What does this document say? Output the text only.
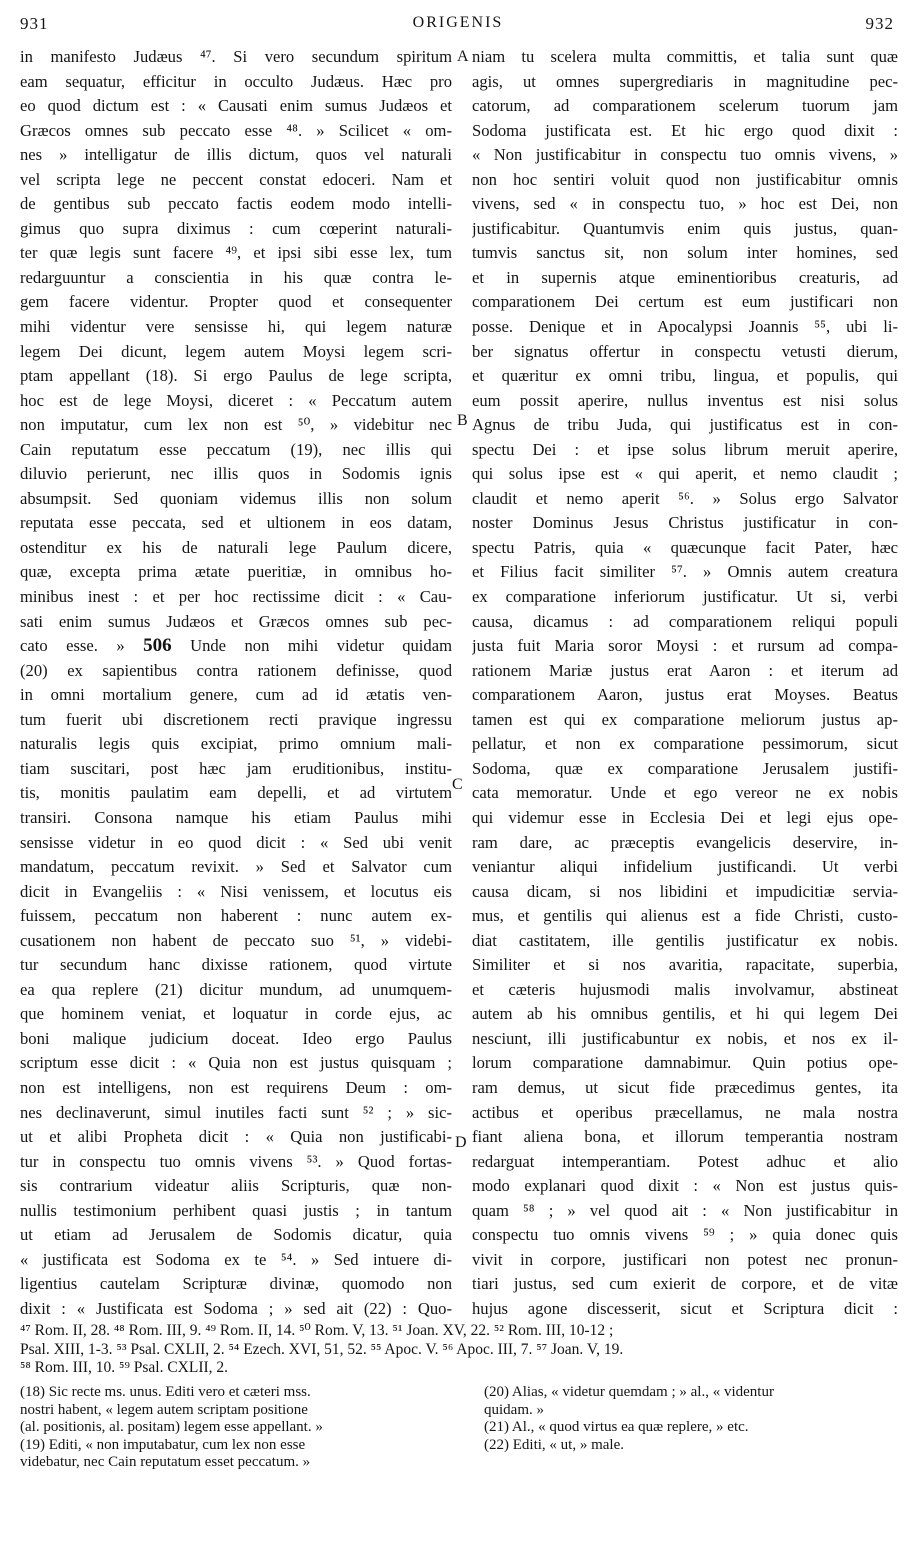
931	ORIGENIS	932
in manifesto Judæus ⁴⁷. Si vero secundum spiritum
eam sequatur, efficitur in occulto Judæus. Hæc pro
eo quod dictum est : « Causati enim sumus Judæos et
Græcos omnes sub peccato esse ⁴⁸. » Scilicet « om-
nes » intelligatur de illis dictum, quos vel naturali
vel scripta lege ne peccent constat edoceri. Nam et
de gentibus sub peccato factis eodem modo intelli-
gimus quo supra diximus : cum cœperint naturali-
ter quæ legis sunt facere ⁴⁹, et ipsi sibi esse lex, tum
redarguuntur a conscientia in his quæ contra le-
gem facere videntur. Propter quod et consequenter
mihi videntur vere sensisse hi, qui legem naturæ
legem Dei dicunt, legem autem Moysi legem scri-
ptam appellant (18). Si ergo Paulus de lege scripta,
hoc est de lege Moysi, diceret : « Peccatum autem
non imputatur, cum lex non est ⁵⁰, » videbitur nec
Cain reputatum esse peccatum (19), nec illis qui
diluvio perierunt, nec illis quos in Sodomis ignis
absumpsit. Sed quoniam videmus illis non solum
reputata esse peccata, sed et ultionem in eos datam,
ostenditur ex his de naturali lege Paulum dicere,
quæ, excepta prima ætate pueritiæ, in omnibus ho-
minibus inest : et per hoc rectissime dicit : « Cau-
sati enim sumus Judæos et Græcos omnes sub pec-
cato esse. » 506 Unde non mihi videtur quidam
(20) ex sapientibus contra rationem definisse, quod
in omni mortalium genere, cum ad id ætatis ven-
tum fuerit ubi discretionem recti pravique ingressu
naturalis legis quis excipiat, primo omnium mali-
tiam suscitari, post hæc jam eruditionibus, institu-
tis, monitis paulatim eam depelli, et ad virtutem
transiri. Consona namque his etiam Paulus mihi
sensisse videtur in eo quod dicit : « Sed ubi venit
mandatum, peccatum revixit. » Sed et Salvator cum
dicit in Evangeliis : « Nisi venissem, et locutus eis
fuissem, peccatum non haberent : nunc autem ex-
cusationem non habent de peccato suo ⁵¹, » videbi-
tur secundum hanc dixisse rationem, quod virtute
ea qua replere (21) dicitur mundum, ad unumquem-
que hominem veniat, et loquatur in corde ejus, ac
boni malique judicium doceat. Ideo ergo Paulus
scriptum esse dicit : « Quia non est justus quisquam ;
non est intelligens, non est requirens Deum : om-
nes declinaverunt, simul inutiles facti sunt ⁵² ; » sic-
ut et alibi Propheta dicit : « Quia non justificabi-
tur in conspectu tuo omnis vivens ⁵³. » Quod fortas-
sis contrarium videatur aliis Scripturis, quæ non-
nullis testimonium perhibent quasi justis ; in tantum
ut etiam ad Jerusalem de Sodomis dicatur, quia
« justificata est Sodoma ex te ⁵⁴. » Sed intuere di-
ligentius cautelam Scripturæ divinæ, quomodo non
dixit : « Justificata est Sodoma ; » sed ait (22) : Quo-
niam tu scelera multa committis, et talia sunt quæ
agis, ut omnes supergrediaris in magnitudine pec-
catorum, ad comparationem scelerum tuorum jam
Sodoma justificata est. Et hic ergo quod dixit :
« Non justificabitur in conspectu tuo omnis vivens, »
non hoc sentiri voluit quod non justificabitur omnis
vivens, sed « in conspectu tuo, » hoc est Dei, non
justificabitur. Quantumvis enim quis justus, quan-
tumvis sanctus sit, non solum inter homines, sed
et in supernis atque eminentioribus creaturis, ad
comparationem Dei certum est eum justificari non
posse. Denique et in Apocalypsi Joannis ⁵⁵, ubi li-
ber signatus offertur in conspectu vetusti dierum,
et quæritur ex omni tribu, lingua, et populis, qui
eum possit aperire, nullus inventus est nisi solus
Agnus de tribu Juda, qui justificatus est in con-
spectu Dei : et ipse solus librum meruit aperire,
qui solus ipse est « qui aperit, et nemo claudit ;
claudit et nemo aperit ⁵⁶. » Solus ergo Salvator
noster Dominus Jesus Christus justificatur in con-
spectu Patris, quia « quæcunque facit Pater, hæc
et Filius facit similiter ⁵⁷. » Omnis autem creatura
ex comparatione inferiorum justificatur. Ut si, verbi
causa, dicamus : ad comparationem reliqui populi
justa fuit Maria soror Moysi : et rursum ad compa-
rationem Mariæ justus erat Aaron : et iterum ad
comparationem Aaron, justus erat Moyses. Beatus
tamen est qui ex comparatione meliorum justus ap-
pellatur, et non ex comparatione pessimorum, sicut
Sodoma, quæ ex comparatione Jerusalem justifi-
cata memoratur. Unde et ego vereor ne ex nobis
qui videmur esse in Ecclesia Dei et legi ejus ope-
ram dare, ac præceptis evangelicis deservire, in-
veniantur aliqui infidelium justificandi. Ut verbi
causa dicam, si nos libidini et impudicitiæ servia-
mus, et gentilis qui alienus est a fide Christi, custo-
diat castitatem, ille gentilis justificatur ex nobis.
Similiter et si nos avaritia, rapacitate, superbia,
et cæteris hujusmodi malis involvamur, abstineat
autem ab his omnibus gentilis, et hi qui legem Dei
nesciunt, illi justificabuntur ex nobis, et nos ex il-
lorum comparatione damnabimur. Quin potius ope-
ram demus, ut sicut fide præcedimus gentes, ita
actibus et operibus præcellamus, ne mala nostra
fiant aliena bona, et illorum temperantia nostram
redarguat intemperantiam. Potest adhuc et alio
modo explanari quod dixit : « Non est justus quis-
quam ⁵⁸ ; » vel quod ait : « Non justificabitur in
conspectu tuo omnis vivens ⁵⁹ ; » quia donec quis
vivit in corpore, justificari non potest nec pronun-
tiari justus, sed cum exierit de corpore, et de vitæ
hujus agone discesserit, sicut et Scriptura dicit :
A
B
C
D
⁴⁷ Rom. II, 28. ⁴⁸ Rom. III, 9. ⁴⁹ Rom. II, 14. ⁵⁰ Rom. V, 13. ⁵¹ Joan. XV, 22. ⁵² Rom. III, 10-12 ;
Psal. XIII, 1-3. ⁵³ Psal. CXLII, 2. ⁵⁴ Ezech. XVI, 51, 52. ⁵⁵ Apoc. V. ⁵⁶ Apoc. III, 7. ⁵⁷ Joan. V, 19.
⁵⁸ Rom. III, 10. ⁵⁹ Psal. CXLII, 2.
(18) Sic recte ms. unus. Editi vero et cæteri mss.
nostri habent, « legem autem scriptam positione
(al. positionis, al. positam) legem esse appellant. »
(19) Editi, « non imputabatur, cum lex non esse
videbatur, nec Cain reputatum esset peccatum. »
(20) Alias, « videtur quemdam ; » al., « videntur
quidam. »
(21) Al., « quod virtus ea quæ replere, » etc.
(22) Editi, « ut, » male.
